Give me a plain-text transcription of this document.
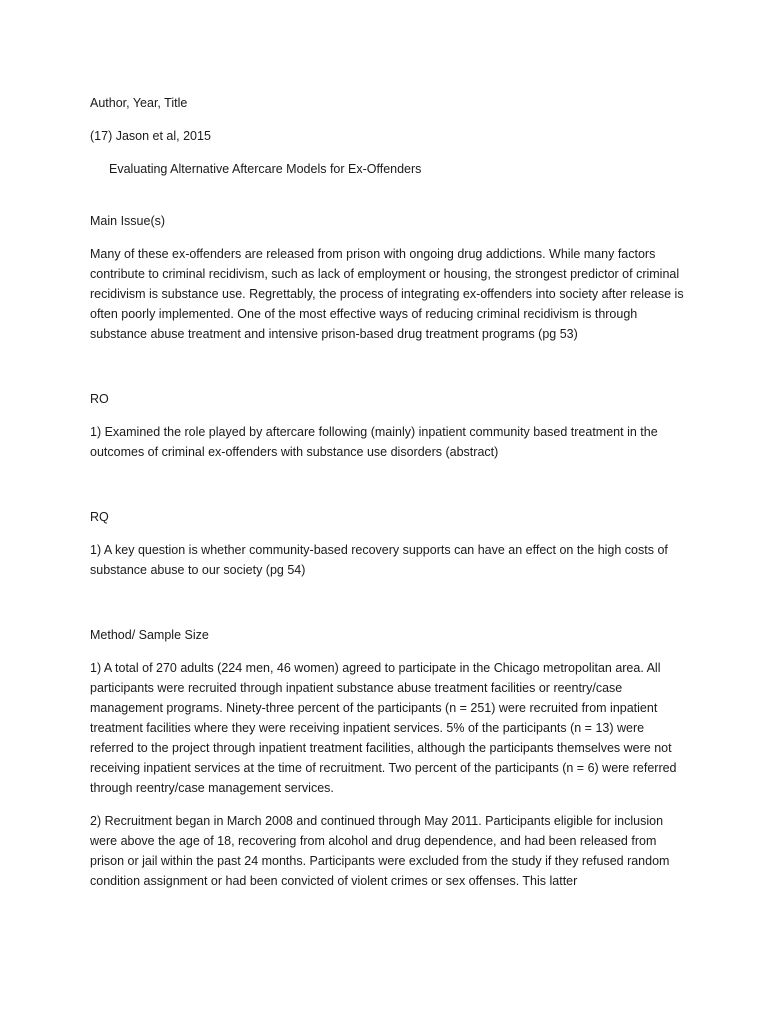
Author, Year, Title

(17) Jason et al, 2015

Evaluating Alternative Aftercare Models for Ex-Offenders

Main Issue(s)

Many of these ex-offenders are released from prison with ongoing drug addictions. While many factors contribute to criminal recidivism, such as lack of employment or housing, the strongest predictor of criminal recidivism is substance use. Regrettably, the process of integrating ex-offenders into society after release is often poorly implemented. One of the most effective ways of reducing criminal recidivism is through substance abuse treatment and intensive prison-based drug treatment programs (pg 53)

RO

1) Examined the role played by aftercare following (mainly) inpatient community based treatment in the outcomes of criminal ex-offenders with substance use disorders (abstract)

RQ

1) A key question is whether community-based recovery supports can have an effect on the high costs of substance abuse to our society (pg 54)

Method/ Sample Size

1) A total of 270 adults (224 men, 46 women) agreed to participate in the Chicago metropolitan area. All participants were recruited through inpatient substance abuse treatment facilities or reentry/case management programs. Ninety-three percent of the participants (n = 251) were recruited from inpatient treatment facilities where they were receiving inpatient services. 5% of the participants (n = 13) were referred to the project through inpatient treatment facilities, although the participants themselves were not receiving inpatient services at the time of recruitment. Two percent of the participants (n = 6) were referred through reentry/case management services.

2) Recruitment began in March 2008 and continued through May 2011. Participants eligible for inclusion were above the age of 18, recovering from alcohol and drug dependence, and had been released from prison or jail within the past 24 months. Participants were excluded from the study if they refused random condition assignment or had been convicted of violent crimes or sex offenses. This latter
